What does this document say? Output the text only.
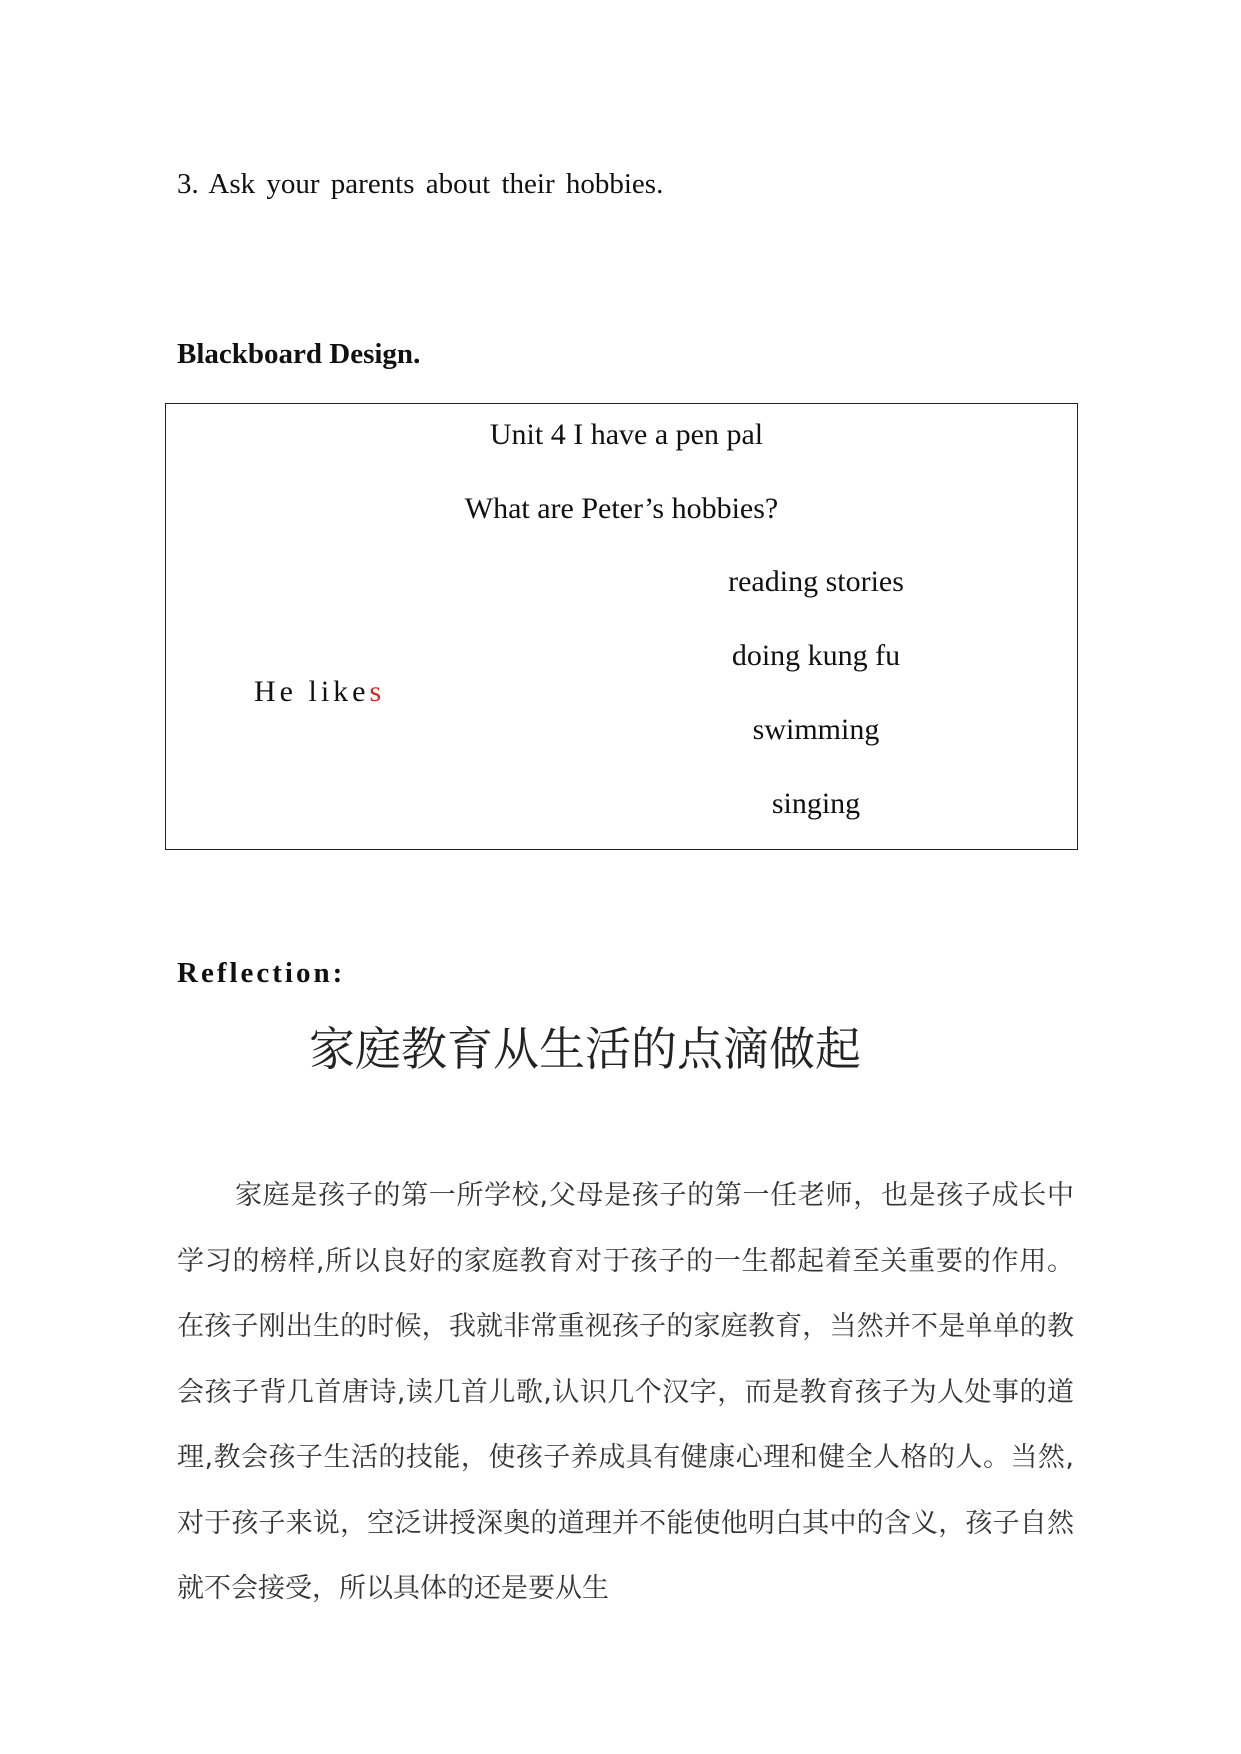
3. Ask your parents about their hobbies.
Blackboard Design.
Unit 4 I have a pen pal
What are Peter’s hobbies?
He likes
reading stories
doing kung fu
swimming
singing
Reflection:
家庭教育从生活的点滴做起

家庭是孩子的第一所学校,父母是孩子的第一任老师，也是孩子成长中学习的榜样,所以良好的家庭教育对于孩子的一生都起着至关重要的作用。在孩子刚出生的时候，我就非常重视孩子的家庭教育，当然并不是单单的教会孩子背几首唐诗,读几首儿歌,认识几个汉字，而是教育孩子为人处事的道理,教会孩子生活的技能，使孩子养成具有健康心理和健全人格的人。当然,对于孩子来说，空泛讲授深奥的道理并不能使他明白其中的含义，孩子自然就不会接受，所以具体的还是要从生
